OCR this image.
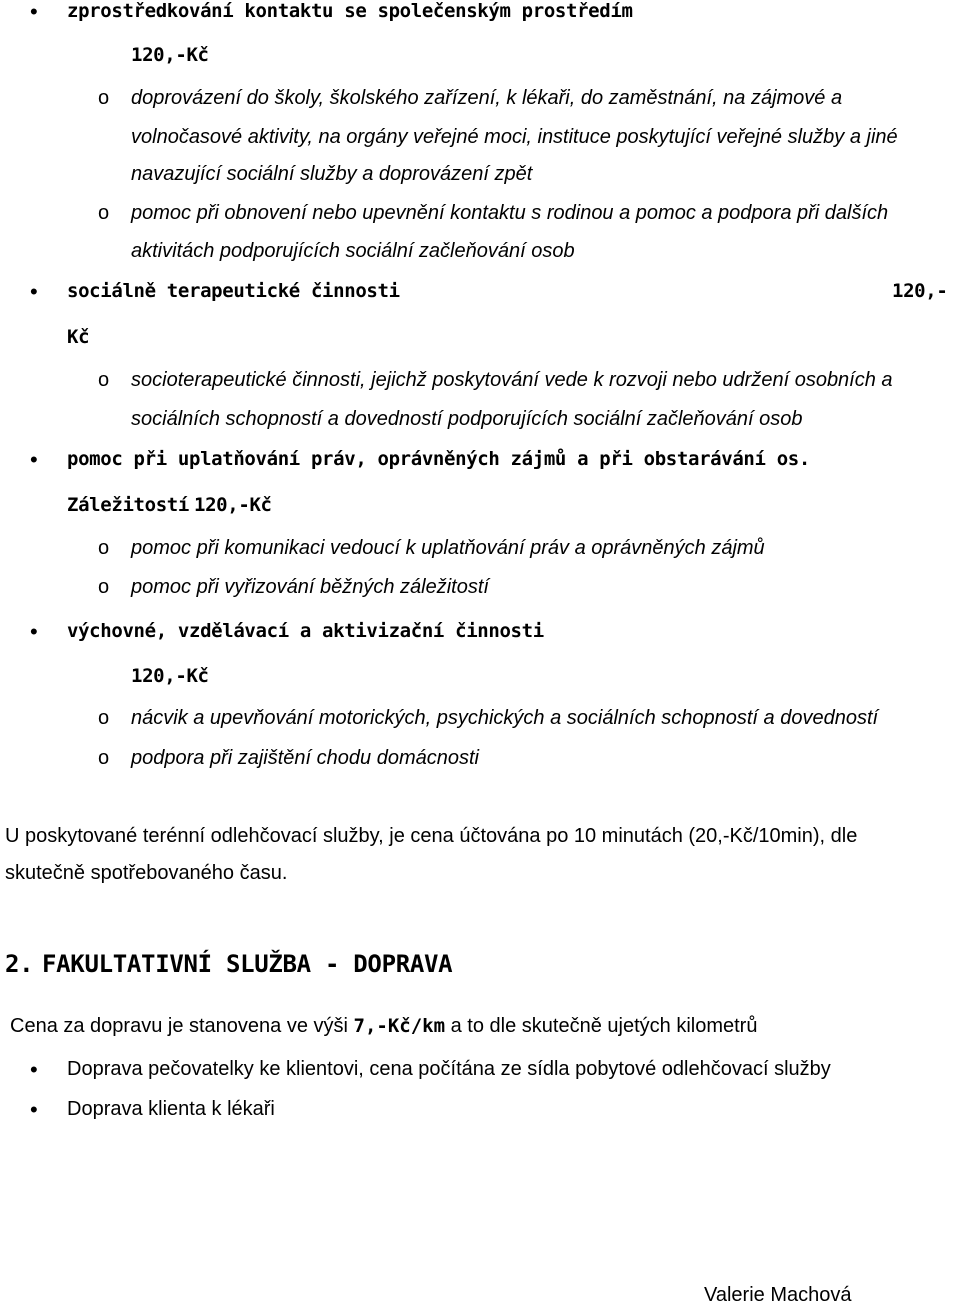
• zprostředkování kontaktu se společenským prostředím
120,-Kč
o doprovázení do školy, školského zařízení, k lékaři, do zaměstnání, na zájmové a
volnočasové aktivity, na orgány veřejné moci, instituce poskytující veřejné služby a jiné
navazující sociální služby a doprovázení zpět
o pomoc při obnovení nebo upevnění kontaktu s rodinou a pomoc a podpora při dalších
aktivitách podporujících sociální začleňování osob
• sociálně terapeutické činnosti	120,-
Kč
o socioterapeutické činnosti, jejichž poskytování vede k rozvoji nebo udržení osobních a
sociálních schopností a dovedností podporujících sociální začleňování osob
• pomoc při uplatňování práv, oprávněných zájmů a při obstarávání os.
Záležitostí 120,-Kč
o pomoc při komunikaci vedoucí k uplatňování práv a oprávněných zájmů
o pomoc při vyřizování běžných záležitostí
• výchovné, vzdělávací a aktivizační činnosti
120,-Kč
o nácvik a upevňování motorických, psychických a sociálních schopností a dovedností
o podpora při zajištění chodu domácnosti
U poskytované terénní odlehčovací služby, je cena účtována po 10 minutách (20,-Kč/10min), dle
skutečně spotřebovaného času.
2. FAKULTATIVNÍ SLUŽBA - DOPRAVA
Cena za dopravu je stanovena ve výši 7,-Kč/km a to dle skutečně ujetých kilometrů
• Doprava pečovatelky ke klientovi, cena počítána ze sídla pobytové odlehčovací služby
• Doprava klienta k lékaři
Valerie Machová
